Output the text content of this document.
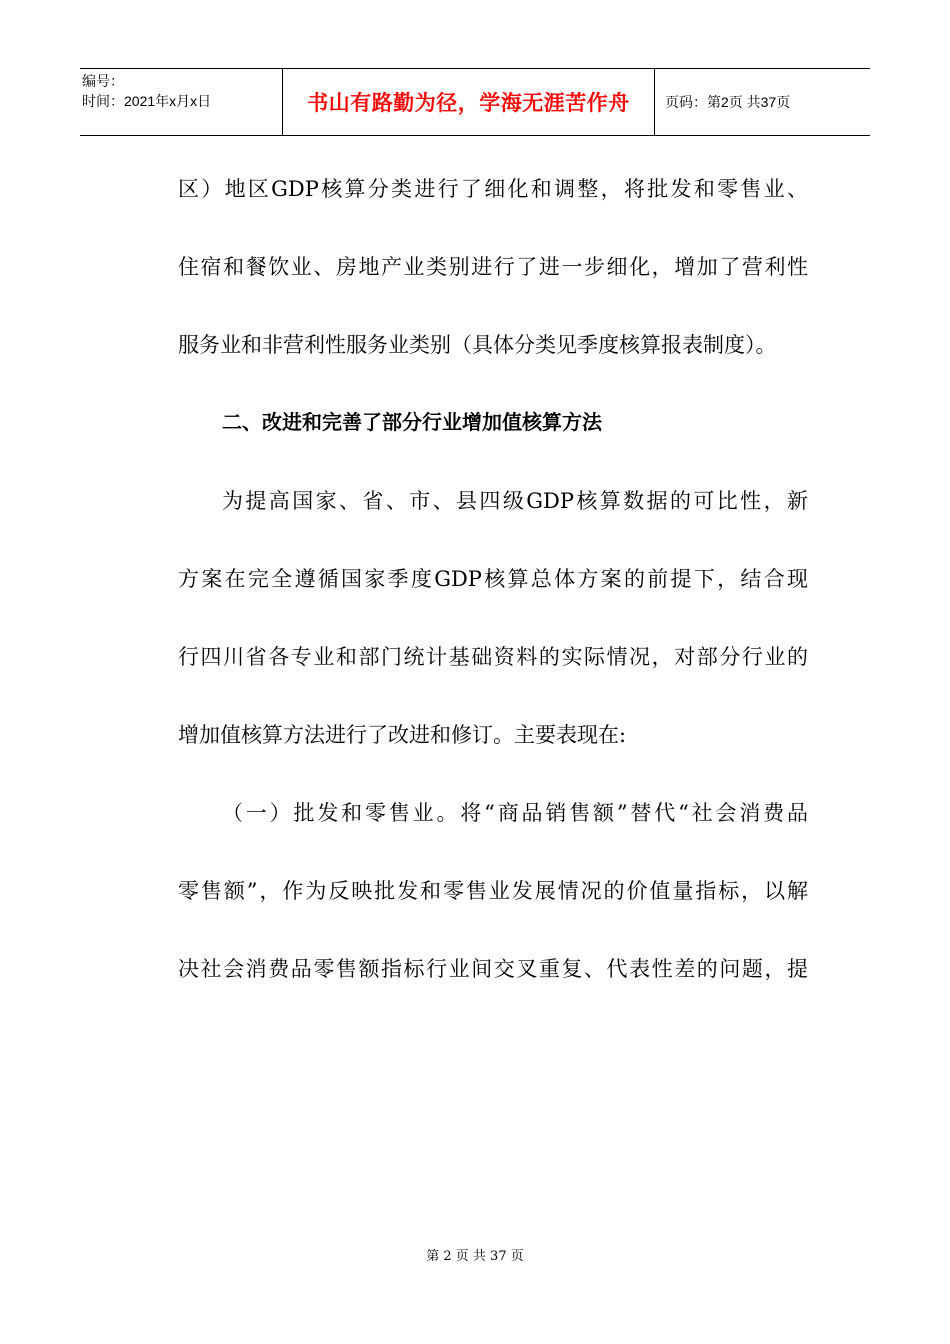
编号：
时间：2021年x月x日	书山有路勤为径，学海无涯苦作舟	页码：第2页 共37页
区）地区GDP核算分类进行了细化和调整，将批发和零售业、
住宿和餐饮业、房地产业类别进行了进一步细化，增加了营利性
服务业和非营利性服务业类别（具体分类见季度核算报表制度）。
二、改进和完善了部分行业增加值核算方法
为提高国家、省、市、县四级GDP核算数据的可比性，新
方案在完全遵循国家季度GDP核算总体方案的前提下，结合现
行四川省各专业和部门统计基础资料的实际情况，对部分行业的
增加值核算方法进行了改进和修订。主要表现在:
（一）批发和零售业。将“商品销售额”替代“社会消费品
零售额”，作为反映批发和零售业发展情况的价值量指标，以解
决社会消费品零售额指标行业间交叉重复、代表性差的问题，提
第 2 页 共 37 页
